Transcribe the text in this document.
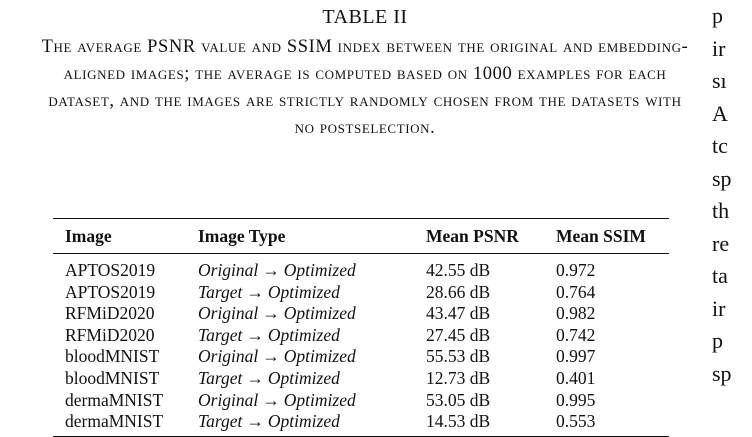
TABLE II
The average PSNR value and SSIM index between the original and embedding-aligned images; the average is computed based on 1000 examples for each dataset, and the images are strictly randomly chosen from the datasets with no postselection.
Image	Image Type	Mean PSNR	Mean SSIM

APTOS2019	Original → Optimized	42.55 dB	0.972
APTOS2019	Target → Optimized	28.66 dB	0.764
RFMiD2020	Original → Optimized	43.47 dB	0.982
RFMiD2020	Target → Optimized	27.45 dB	0.742
bloodMNIST	Original → Optimized	55.53 dB	0.997
bloodMNIST	Target → Optimized	12.73 dB	0.401
dermaMNIST	Original → Optimized	53.05 dB	0.995
dermaMNIST	Target → Optimized	14.53 dB	0.553
p
ir
sı
A
tc
sp
th
re
ta
ir
p
sp
